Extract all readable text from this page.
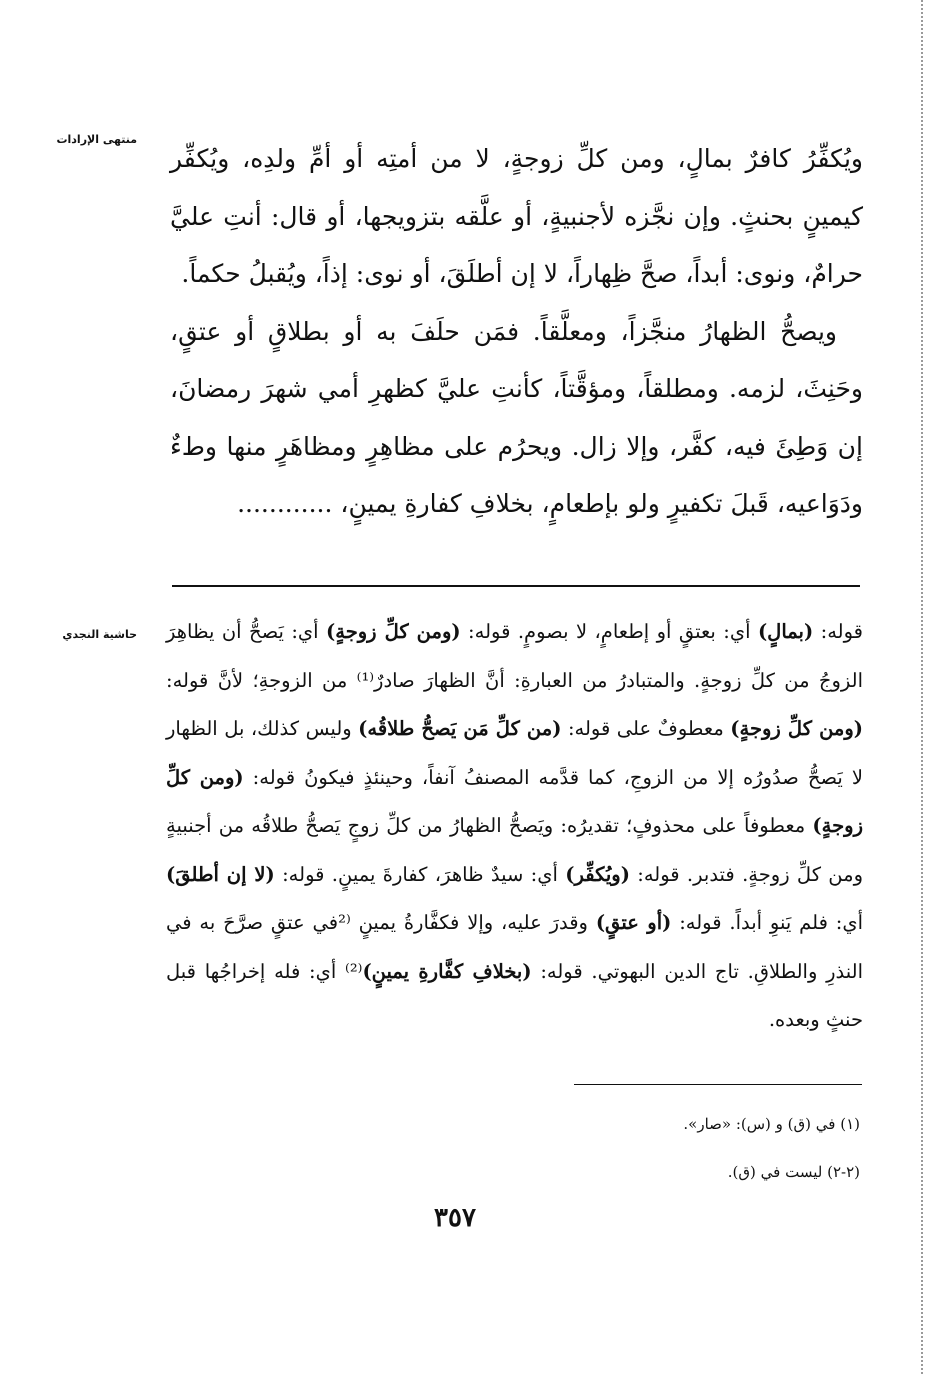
منتهى الإرادات

ويُكفِّرُ كافرٌ بمالٍ، ومن كلِّ زوجةٍ، لا من أمتِه أو أمِّ ولدِه، ويُكفِّر كيمينٍ بحنثٍ. وإن نجَّزه لأجنبيةٍ، أو علَّقه بتزويجها، أو قال: أنتِ عليَّ حرامٌ، ونوى: أبداً، صحَّ ظِهاراً، لا إن أطلَقَ، أو نوى: إذاً، ويُقبلُ حكماً.

ويصحُّ الظهارُ منجَّزاً، ومعلَّقاً. فمَن حلَفَ به أو بطلاقٍ أو عتقٍ، وحَنِثَ، لزمه. ومطلقاً، ومؤقَّتاً، كأنتِ عليَّ كظهرِ أمي شهرَ رمضانَ، إن وَطِئَ فيه، كفَّر، وإلا زال. ويحرُم على مظاهِرٍ ومظاهَرٍ منها وطءٌ ودَوَاعيه، قَبلَ تكفيرٍ ولو بإطعامٍ، بخلافِ كفارةِ يمينٍ، ............

حاشية النجدي	قوله: (بمالٍ) أي: بعتقٍ أو إطعامٍ، لا بصومٍ. قوله: (ومن كلِّ زوجةٍ) أي: يَصحُّ أن يظاهِرَ الزوجُ من كلِّ زوجةٍ. والمتبادرُ من العبارةِ: أنَّ الظهارَ صادرٌ⁽¹⁾ من الزوجةِ؛ لأنَّ قوله: (ومن كلِّ زوجةٍ) معطوفٌ على قوله: (من كلِّ مَن يَصحُّ طلاقُه) وليس كذلك، بل الظهار لا يَصحُّ صدُورُه إلا من الزوجِ، كما قدَّمه المصنفُ آنفاً، وحينئذٍ فيكونُ قوله: (ومن كلِّ زوجةٍ) معطوفاً على محذوفٍ؛ تقديرُه: ويَصحُّ الظهارُ من كلِّ زوجٍ يَصحُّ طلاقُه من أجنبيةٍ ومن كلِّ زوجةٍ. فتدبر. قوله: (ويُكفِّر) أي: سيدٌ ظاهرَ، كفارةَ يمينٍ. قوله: (لا إن أطلقَ) أي: فلم يَنوِ أبداً. قوله: (أو عتقٍ) وقدرَ عليه، وإلا فكفَّارةُ يمينٍ ⁽²في عتقٍ صرَّحَ به في النذرِ والطلاقِ. تاج الدين البهوتي. قوله: (بخلافِ كفَّارةِ يمينٍ)⁽²⁾ أي: فله إخراجُها قبل حنثٍ وبعده.

(١) في (ق) و (س): «صار».
(٢-٢) ليست في (ق).
٣٥٧
